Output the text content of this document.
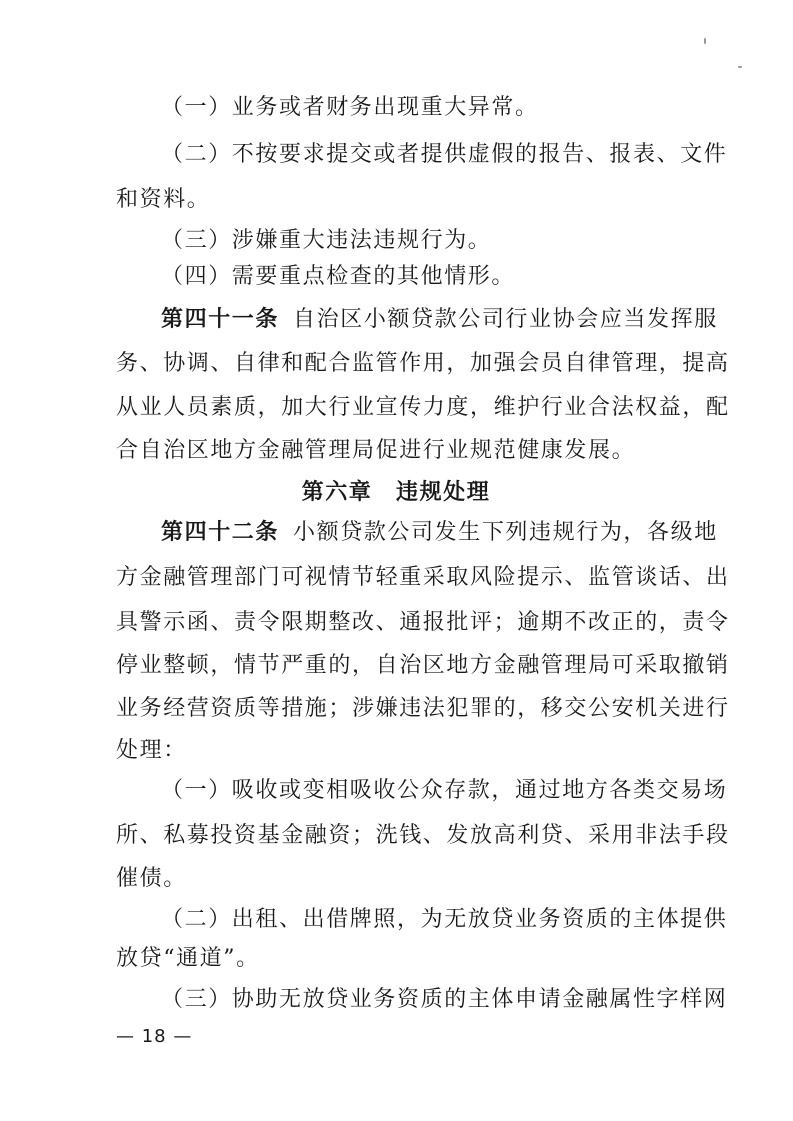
（一）业务或者财务出现重大异常。
（二）不按要求提交或者提供虚假的报告、报表、文件
和资料。
（三）涉嫌重大违法违规行为。
（四）需要重点检查的其他情形。
第四十一条 自治区小额贷款公司行业协会应当发挥服
务、协调、自律和配合监管作用，加强会员自律管理，提高
从业人员素质，加大行业宣传力度，维护行业合法权益，配
合自治区地方金融管理局促进行业规范健康发展。
第六章　违规处理
第四十二条 小额贷款公司发生下列违规行为，各级地
方金融管理部门可视情节轻重采取风险提示、监管谈话、出
具警示函、责令限期整改、通报批评；逾期不改正的，责令
停业整顿，情节严重的，自治区地方金融管理局可采取撤销
业务经营资质等措施；涉嫌违法犯罪的，移交公安机关进行
处理：
（一）吸收或变相吸收公众存款，通过地方各类交易场
所、私募投资基金融资；洗钱、发放高利贷、采用非法手段
催债。
（二）出租、出借牌照，为无放贷业务资质的主体提供
放贷“通道”。
（三）协助无放贷业务资质的主体申请金融属性字样网
— 18 —
